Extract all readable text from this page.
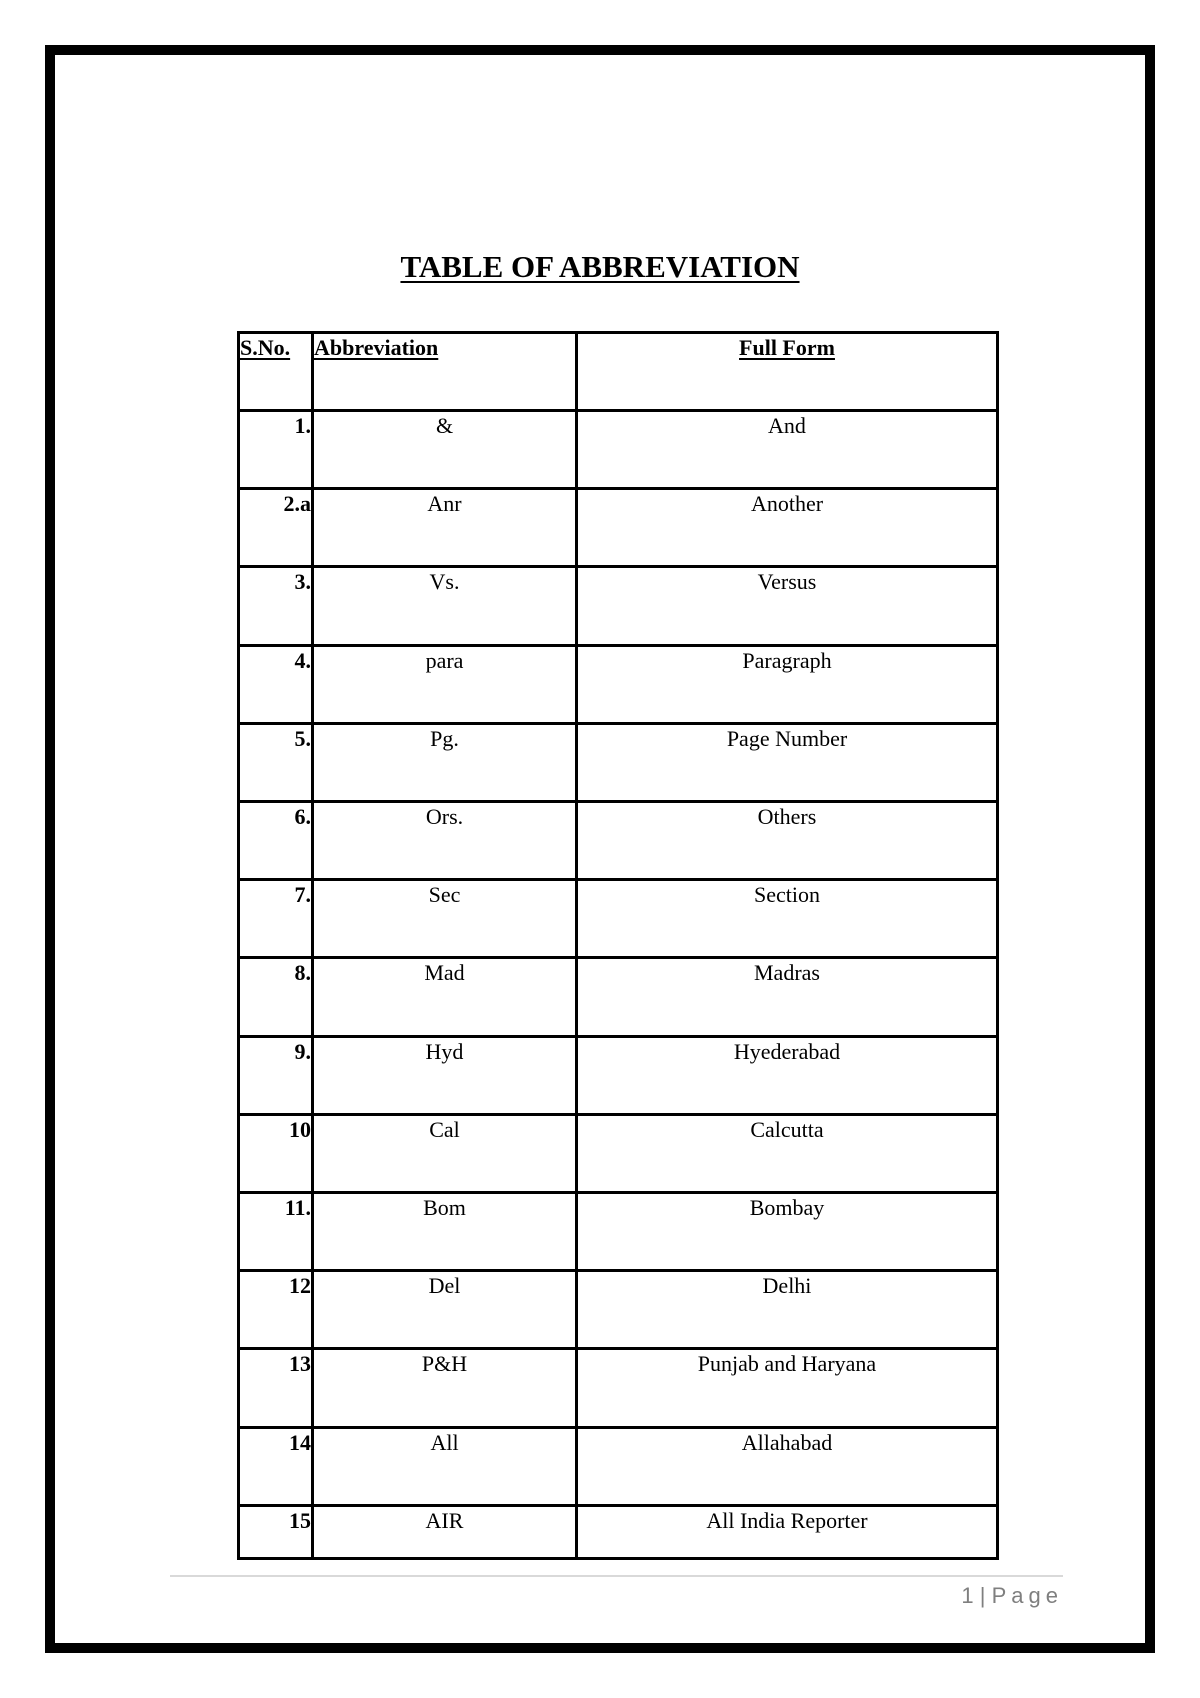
TABLE OF ABBREVIATION
S.No.	Abbreviation	Full Form
1.	&	And
2.a	Anr	Another
3.	Vs.	Versus
4.	para	Paragraph
5.	Pg.	Page Number
6.	Ors.	Others
7.	Sec	Section
8.	Mad	Madras
9.	Hyd	Hyederabad
10	Cal	Calcutta
11.	Bom	Bombay
12	Del	Delhi
13	P&H	Punjab and Haryana
14	All	Allahabad
15	AIR	All India Reporter
1 | Page
